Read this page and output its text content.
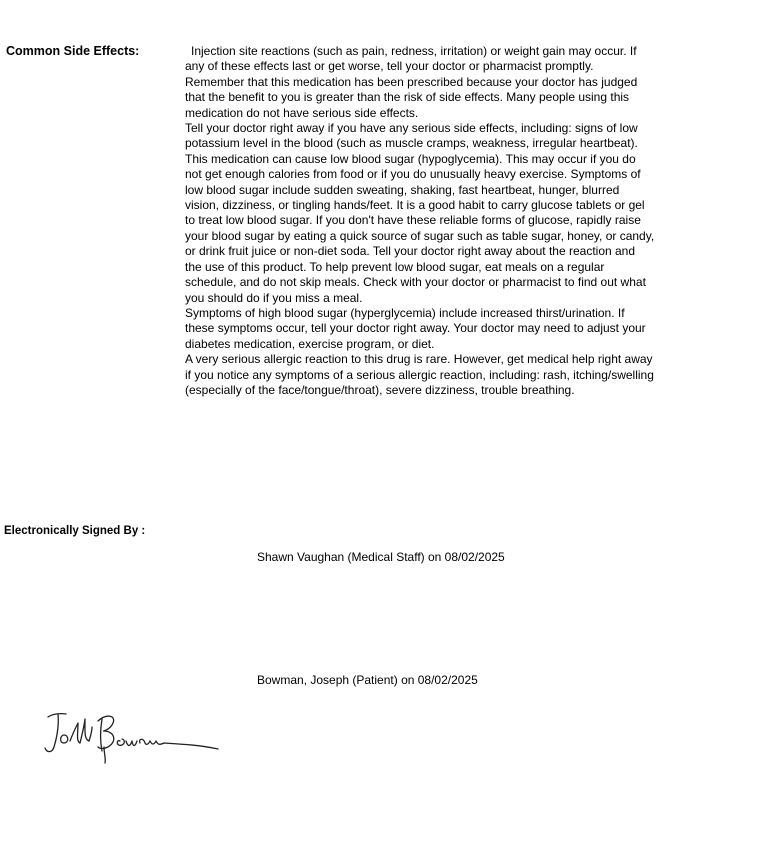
Common Side Effects:	Injection site reactions (such as pain, redness, irritation) or weight gain may occur. If any of these effects last or get worse, tell your doctor or pharmacist promptly.

Remember that this medication has been prescribed because your doctor has judged that the benefit to you is greater than the risk of side effects. Many people using this medication do not have serious side effects.

Tell your doctor right away if you have any serious side effects, including: signs of low potassium level in the blood (such as muscle cramps, weakness, irregular heartbeat).

This medication can cause low blood sugar (hypoglycemia). This may occur if you do not get enough calories from food or if you do unusually heavy exercise. Symptoms of low blood sugar include sudden sweating, shaking, fast heartbeat, hunger, blurred vision, dizziness, or tingling hands/feet. It is a good habit to carry glucose tablets or gel to treat low blood sugar. If you don't have these reliable forms of glucose, rapidly raise your blood sugar by eating a quick source of sugar such as table sugar, honey, or candy, or drink fruit juice or non-diet soda. Tell your doctor right away about the reaction and the use of this product. To help prevent low blood sugar, eat meals on a regular schedule, and do not skip meals. Check with your doctor or pharmacist to find out what you should do if you miss a meal.

Symptoms of high blood sugar (hyperglycemia) include increased thirst/urination. If these symptoms occur, tell your doctor right away. Your doctor may need to adjust your diabetes medication, exercise program, or diet.

A very serious allergic reaction to this drug is rare. However, get medical help right away if you notice any symptoms of a serious allergic reaction, including: rash, itching/swelling (especially of the face/tongue/throat), severe dizziness, trouble breathing.

Electronically Signed By :
Shawn Vaughan (Medical Staff) on 08/02/2025
Bowman, Joseph (Patient) on 08/02/2025
